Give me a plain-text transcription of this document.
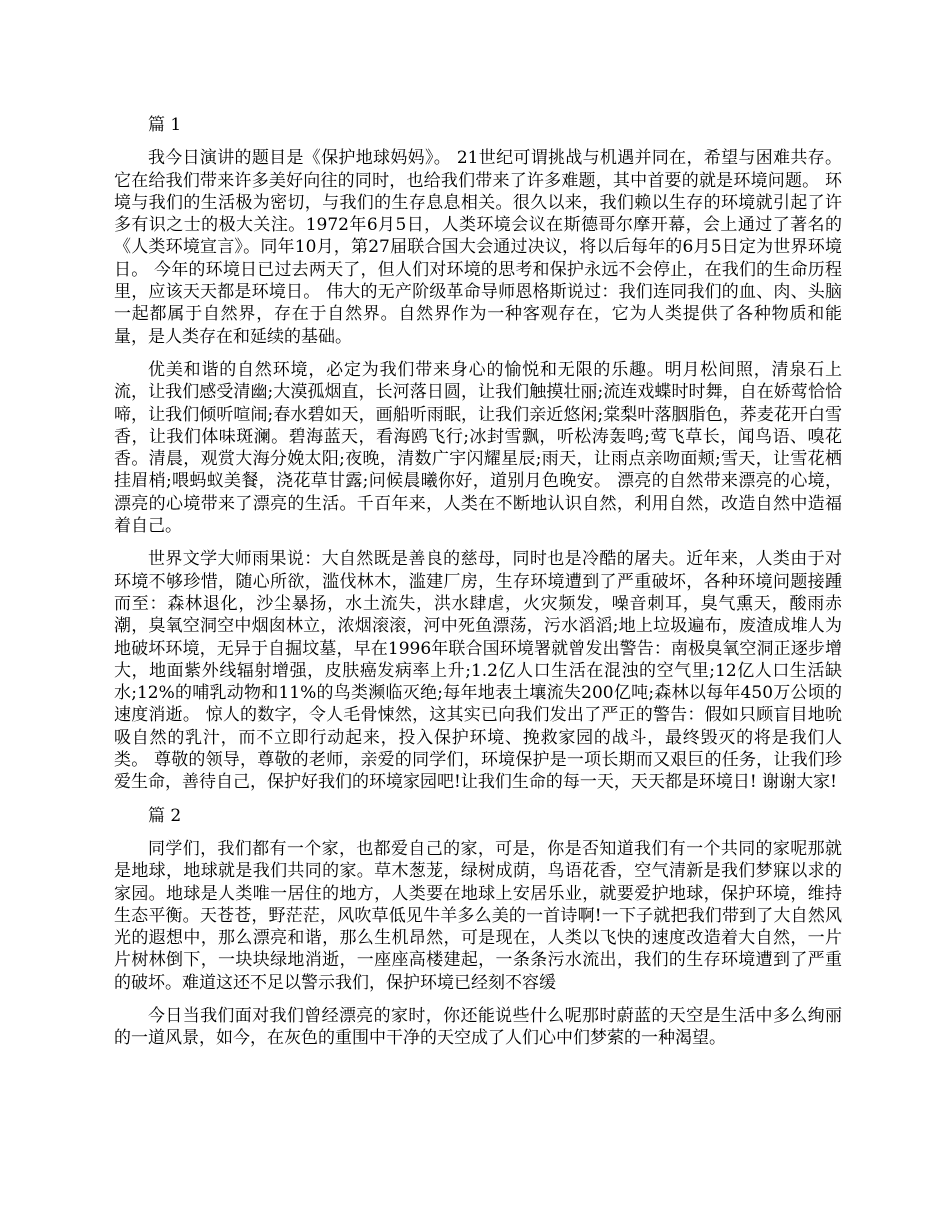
篇 1

我今日演讲的题目是《保护地球妈妈》。 21世纪可谓挑战与机遇并同在，希望与困难共存。它在给我们带来许多美好向往的同时，也给我们带来了许多难题，其中首要的就是环境问题。 环境与我们的生活极为密切，与我们的生存息息相关。很久以来，我们赖以生存的环境就引起了许多有识之士的极大关注。1972年6月5日，人类环境会议在斯德哥尔摩开幕，会上通过了著名的《人类环境宣言》。同年10月，第27届联合国大会通过决议，将以后每年的6月5日定为世界环境日。 今年的环境日已过去两天了，但人们对环境的思考和保护永远不会停止，在我们的生命历程里，应该天天都是环境日。 伟大的无产阶级革命导师恩格斯说过：我们连同我们的血、肉、头脑一起都属于自然界，存在于自然界。自然界作为一种客观存在，它为人类提供了各种物质和能量，是人类存在和延续的基础。

优美和谐的自然环境，必定为我们带来身心的愉悦和无限的乐趣。明月松间照，清泉石上流，让我们感受清幽;大漠孤烟直，长河落日圆，让我们触摸壮丽;流连戏蝶时时舞，自在娇莺恰恰啼，让我们倾听喧闹;春水碧如天，画船听雨眠，让我们亲近悠闲;棠梨叶落胭脂色，荞麦花开白雪香，让我们体味斑澜。碧海蓝天，看海鸥飞行;冰封雪飘，听松涛轰鸣;莺飞草长，闻鸟语、嗅花香。清晨，观赏大海分娩太阳;夜晚，清数广宇闪耀星辰;雨天，让雨点亲吻面颊;雪天，让雪花栖挂眉梢;喂蚂蚁美餐，浇花草甘露;问候晨曦你好，道别月色晚安。 漂亮的自然带来漂亮的心境，漂亮的心境带来了漂亮的生活。千百年来，人类在不断地认识自然，利用自然，改造自然中造福着自己。

世界文学大师雨果说：大自然既是善良的慈母，同时也是冷酷的屠夫。近年来，人类由于对环境不够珍惜，随心所欲，滥伐林木，滥建厂房，生存环境遭到了严重破坏，各种环境问题接踵而至：森林退化，沙尘暴扬，水土流失，洪水肆虐，火灾频发，噪音刺耳，臭气熏天，酸雨赤潮，臭氧空洞空中烟囱林立，浓烟滚滚，河中死鱼漂荡，污水滔滔;地上垃圾遍布，废渣成堆人为地破坏环境，无异于自掘坟墓，早在1996年联合国环境署就曾发出警告：南极臭氧空洞正逐步增大，地面紫外线辐射增强，皮肤癌发病率上升;1.2亿人口生活在混浊的空气里;12亿人口生活缺水;12%的哺乳动物和11%的鸟类濒临灭绝;每年地表土壤流失200亿吨;森林以每年450万公顷的速度消逝。 惊人的数字，令人毛骨悚然，这其实已向我们发出了严正的警告：假如只顾盲目地吮吸自然的乳汁，而不立即行动起来，投入保护环境、挽救家园的战斗，最终毁灭的将是我们人类。 尊敬的领导，尊敬的老师，亲爱的同学们，环境保护是一项长期而又艰巨的任务，让我们珍爱生命，善待自己，保护好我们的环境家园吧!让我们生命的每一天，天天都是环境日! 谢谢大家!

篇 2

同学们，我们都有一个家，也都爱自己的家，可是，你是否知道我们有一个共同的家呢那就是地球，地球就是我们共同的家。草木葱茏，绿树成荫，鸟语花香，空气清新是我们梦寐以求的家园。地球是人类唯一居住的地方，人类要在地球上安居乐业，就要爱护地球，保护环境，维持生态平衡。天苍苍，野茫茫，风吹草低见牛羊多么美的一首诗啊!一下子就把我们带到了大自然风光的遐想中，那么漂亮和谐，那么生机昂然，可是现在，人类以飞快的速度改造着大自然，一片片树林倒下，一块块绿地消逝，一座座高楼建起，一条条污水流出，我们的生存环境遭到了严重的破坏。难道这还不足以警示我们，保护环境已经刻不容缓

今日当我们面对我们曾经漂亮的家时，你还能说些什么呢那时蔚蓝的天空是生活中多么绚丽的一道风景，如今，在灰色的重围中干净的天空成了人们心中们梦萦的一种渴望。
